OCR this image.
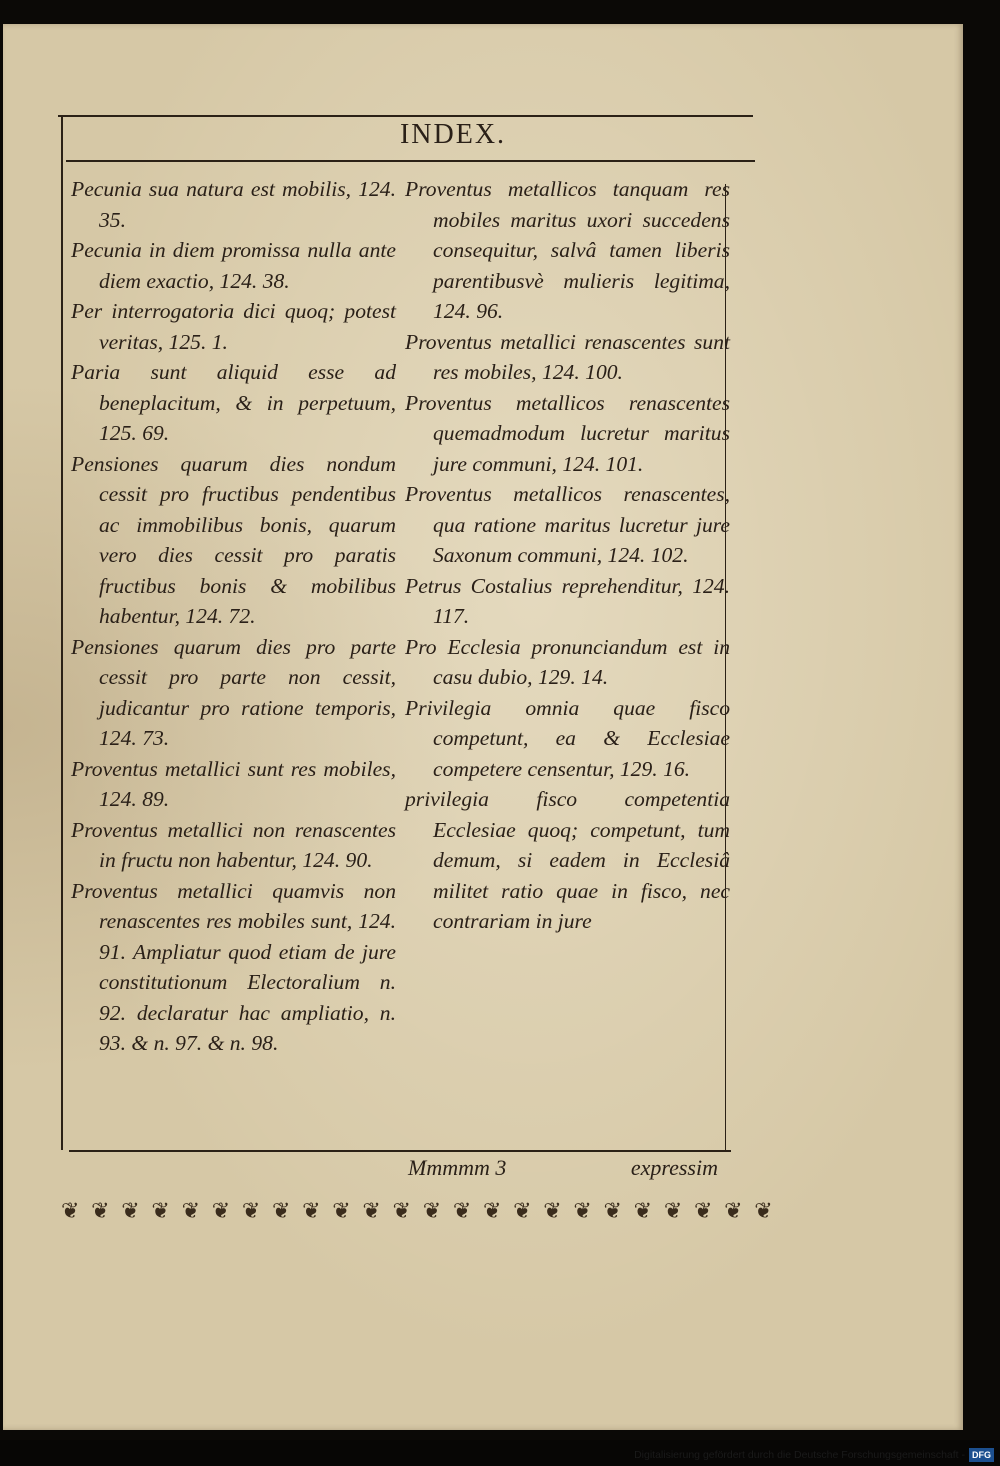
INDEX.

Pecunia sua natura est mobilis, 124. 35.

Pecunia in diem promissa nulla ante diem exactio, 124. 38.

Per interrogatoria dici quoq; potest veritas, 125. 1.

Paria sunt aliquid esse ad beneplacitum, & in perpetuum, 125. 69.

Pensiones quarum dies nondum cessit pro fructibus pendentibus ac immobilibus bonis, quarum vero dies cessit pro paratis fructibus bonis & mobilibus habentur, 124. 72.

Pensiones quarum dies pro parte cessit pro parte non cessit, judicantur pro ratione temporis, 124. 73.

Proventus metallici sunt res mobiles, 124. 89.

Proventus metallici non renascentes in fructu non habentur, 124. 90.

Proventus metallici quamvis non renascentes res mobiles sunt, 124. 91. Ampliatur quod etiam de jure constitutionum Electoralium n. 92. declaratur hac ampliatio, n. 93. & n. 97. & n. 98.

Proventus metallicos tanquam res mobiles maritus uxori succedens consequitur, salvâ tamen liberis parentibusvè mulieris legitima, 124. 96.

Proventus metallici renascentes sunt res mobiles, 124. 100.

Proventus metallicos renascentes quemadmodum lucretur maritus jure communi, 124. 101.

Proventus metallicos renascentes, qua ratione maritus lucretur jure Saxonum communi, 124. 102.

Petrus Costalius reprehenditur, 124. 117.

Pro Ecclesia pronunciandum est in casu dubio, 129. 14.

Privilegia omnia quae fisco competunt, ea & Ecclesiae competere censentur, 129. 16.

privilegia fisco competentia Ecclesiae quoq; competunt, tum demum, si eadem in Ecclesiâ militet ratio quae in fisco, nec contrariam in jure

Mmmmm 3	expressim
❦ ❦ ❦ ❦ ❦ ❦ ❦ ❦ ❦ ❦ ❦ ❦ ❦ ❦ ❦ ❦ ❦ ❦ ❦ ❦ ❦ ❦ ❦ ❦
Digitalisierung gefördert durch die Deutsche Forschungsgemeinschaft - DFG
